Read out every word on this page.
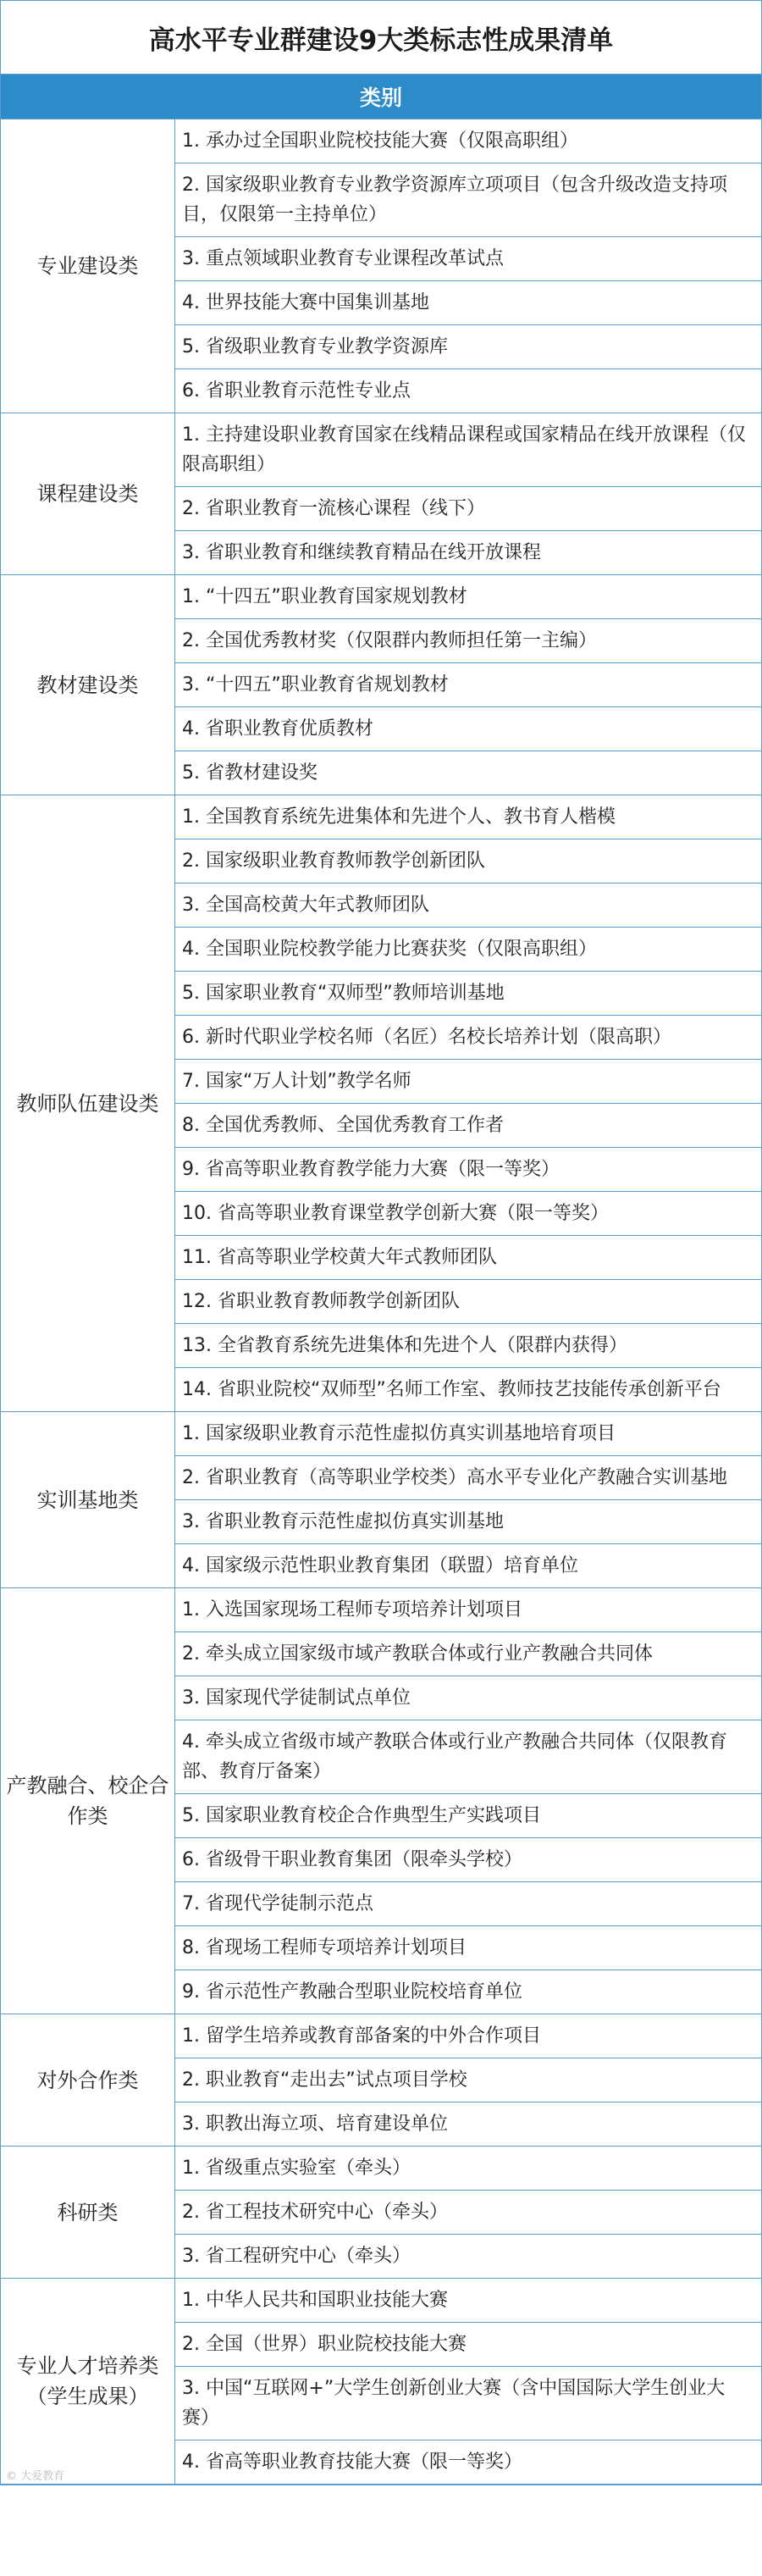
高水平专业群建设9大类标志性成果清单
类别
专业建设类	1. 承办过全国职业院校技能大赛（仅限高职组）
	2. 国家级职业教育专业教学资源库立项项目（包含升级改造支持项目，仅限第一主持单位）
	3. 重点领域职业教育专业课程改革试点
	4. 世界技能大赛中国集训基地
	5. 省级职业教育专业教学资源库
	6. 省职业教育示范性专业点
课程建设类	1. 主持建设职业教育国家在线精品课程或国家精品在线开放课程（仅限高职组）
	2. 省职业教育一流核心课程（线下）
	3. 省职业教育和继续教育精品在线开放课程
教材建设类	1. “十四五”职业教育国家规划教材
	2. 全国优秀教材奖（仅限群内教师担任第一主编）
	3. “十四五”职业教育省规划教材
	4. 省职业教育优质教材
	5. 省教材建设奖
教师队伍建设类	1. 全国教育系统先进集体和先进个人、教书育人楷模
	2. 国家级职业教育教师教学创新团队
	3. 全国高校黄大年式教师团队
	4. 全国职业院校教学能力比赛获奖（仅限高职组）
	5. 国家职业教育“双师型”教师培训基地
	6. 新时代职业学校名师（名匠）名校长培养计划（限高职）
	7. 国家“万人计划”教学名师
	8. 全国优秀教师、全国优秀教育工作者
	9. 省高等职业教育教学能力大赛（限一等奖）
	10. 省高等职业教育课堂教学创新大赛（限一等奖）
	11. 省高等职业学校黄大年式教师团队
	12. 省职业教育教师教学创新团队
	13. 全省教育系统先进集体和先进个人（限群内获得）
	14. 省职业院校“双师型”名师工作室、教师技艺技能传承创新平台
实训基地类	1. 国家级职业教育示范性虚拟仿真实训基地培育项目
	2. 省职业教育（高等职业学校类）高水平专业化产教融合实训基地
	3. 省职业教育示范性虚拟仿真实训基地
	4. 国家级示范性职业教育集团（联盟）培育单位
产教融合、校企合作类	1. 入选国家现场工程师专项培养计划项目
	2. 牵头成立国家级市域产教联合体或行业产教融合共同体
	3. 国家现代学徒制试点单位
	4. 牵头成立省级市域产教联合体或行业产教融合共同体（仅限教育部、教育厅备案）
	5. 国家职业教育校企合作典型生产实践项目
	6. 省级骨干职业教育集团（限牵头学校）
	7. 省现代学徒制示范点
	8. 省现场工程师专项培养计划项目
	9. 省示范性产教融合型职业院校培育单位
对外合作类	1. 留学生培养或教育部备案的中外合作项目
	2. 职业教育“走出去”试点项目学校
	3. 职教出海立项、培育建设单位
科研类	1. 省级重点实验室（牵头）
	2. 省工程技术研究中心（牵头）
	3. 省工程研究中心（牵头）
专业人才培养类（学生成果）	1. 中华人民共和国职业技能大赛
	2. 全国（世界）职业院校技能大赛
	3. 中国“互联网+”大学生创新创业大赛（含中国国际大学生创业大赛）
	4. 省高等职业教育技能大赛（限一等奖）
© 大爱教育
